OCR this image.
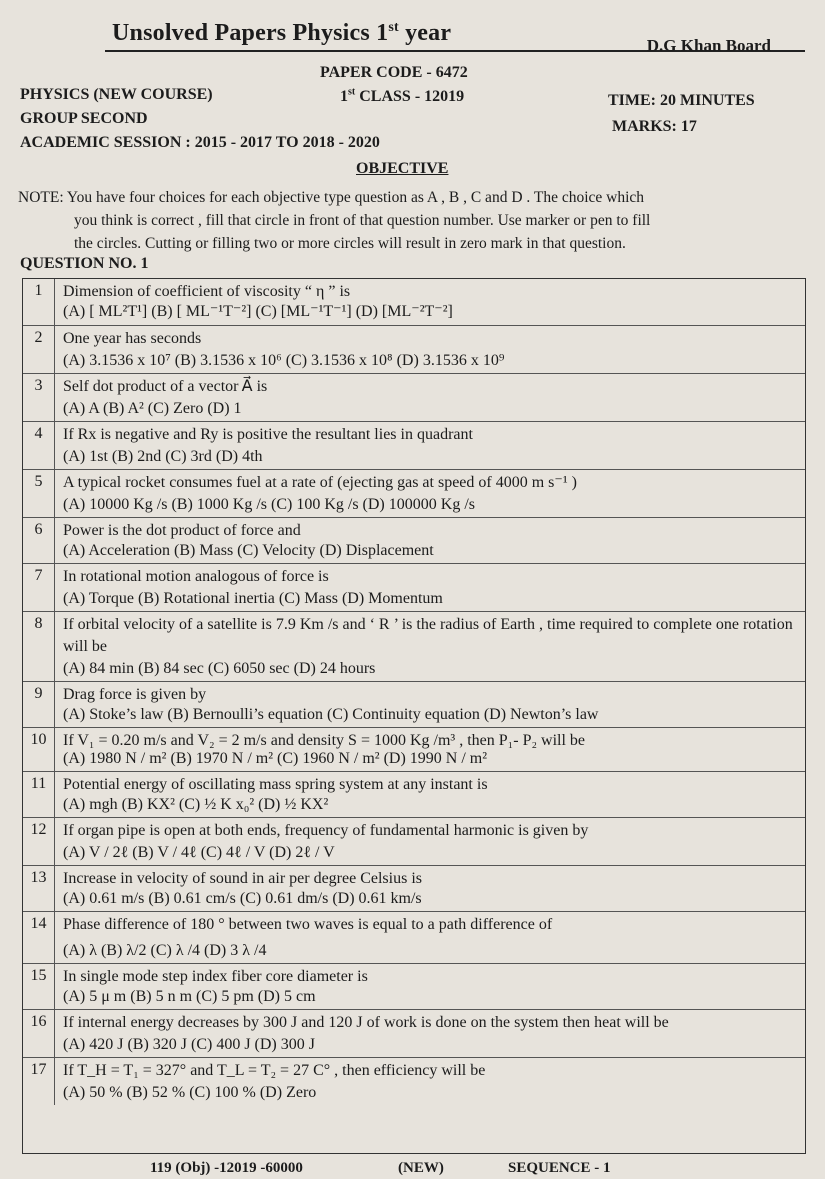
Unsolved Papers Physics 1st year	D.G Khan Board
PAPER CODE - 6472
PHYSICS (NEW COURSE)	1st CLASS - 12019	TIME: 20 MINUTES
GROUP SECOND	MARKS: 17
ACADEMIC SESSION : 2015 - 2017 TO 2018 - 2020
OBJECTIVE
NOTE: You have four choices for each objective type question as A , B , C and D . The choice which
you think is correct , fill that circle in front of that question number. Use marker or pen to fill
the circles. Cutting or filling two or more circles will result in zero mark in that question.
QUESTION NO. 1
1	Dimension of coefficient of viscosity “ η ” is
(A) [ ML²T¹] (B) [ ML⁻¹T⁻²] (C) [ML⁻¹T⁻¹] (D) [ML⁻²T⁻²]
2	One year has seconds
(A) 3.1536 x 10⁷ (B) 3.1536 x 10⁶ (C) 3.1536 x 10⁸ (D) 3.1536 x 10⁹
3	Self dot product of a vector A⃗ is
(A) A (B) A² (C) Zero (D) 1
4	If Rx is negative and Ry is positive the resultant lies in quadrant
(A) 1st (B) 2nd (C) 3rd (D) 4th
5	A typical rocket consumes fuel at a rate of (ejecting gas at speed of 4000 m s⁻¹ )
(A) 10000 Kg /s (B) 1000 Kg /s (C) 100 Kg /s (D) 100000 Kg /s
6	Power is the dot product of force and
(A) Acceleration (B) Mass (C) Velocity (D) Displacement
7	In rotational motion analogous of force is
(A) Torque (B) Rotational inertia (C) Mass (D) Momentum
8	If orbital velocity of a satellite is 7.9 Km /s and ‘ R ’ is the radius of Earth , time required to complete one rotation will be
(A) 84 min (B) 84 sec (C) 6050 sec (D) 24 hours
9	Drag force is given by
(A) Stoke’s law (B) Bernoulli’s equation (C) Continuity equation (D) Newton’s law
10	If V₁ = 0.20 m/s and V₂ = 2 m/s and density S = 1000 Kg /m³ , then P₁- P₂ will be
(A) 1980 N / m² (B) 1970 N / m² (C) 1960 N / m² (D) 1990 N / m²
11	Potential energy of oscillating mass spring system at any instant is
(A) mgh (B) KX² (C) ½ K x₀² (D) ½ KX²
12	If organ pipe is open at both ends, frequency of fundamental harmonic is given by
(A) V / 2ℓ (B) V / 4ℓ (C) 4ℓ / V (D) 2ℓ / V
13	Increase in velocity of sound in air per degree Celsius is
(A) 0.61 m/s (B) 0.61 cm/s (C) 0.61 dm/s (D) 0.61 km/s
14	Phase difference of 180 ° between two waves is equal to a path difference of
(A) λ (B) λ/2 (C) λ /4 (D) 3 λ /4
15	In single mode step index fiber core diameter is
(A) 5 μ m (B) 5 n m (C) 5 pm (D) 5 cm
16	If internal energy decreases by 300 J and 120 J of work is done on the system then heat will be
(A) 420 J (B) 320 J (C) 400 J (D) 300 J
17	If T_H = T₁ = 327° and T_L = T₂ = 27 C° , then efficiency will be
(A) 50 % (B) 52 % (C) 100 % (D) Zero
119 (Obj) -12019 -60000	(NEW)	SEQUENCE - 1
